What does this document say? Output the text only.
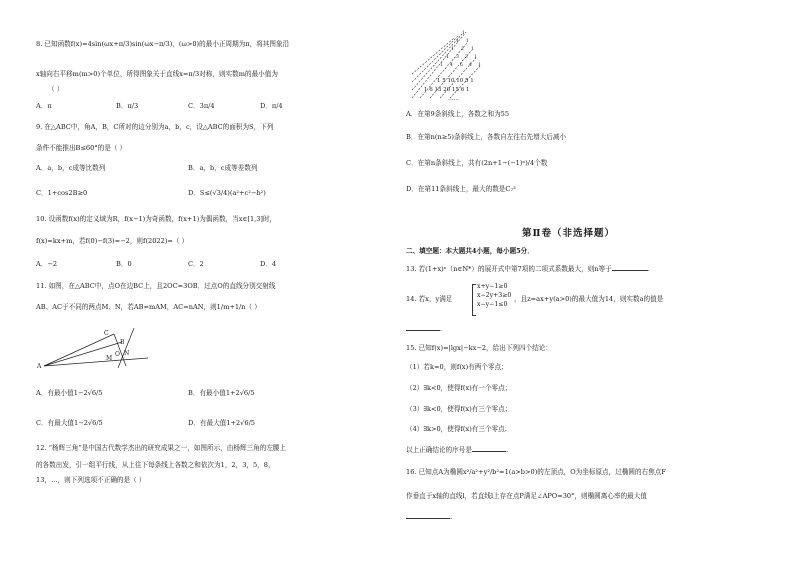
8. 已知函数f(x)=4sin(ωx+π/3)sin(ωx−π/3)，(ω>0)的最小正周期为π，将其图象沿
x轴向右平移m(m>0)个单位，所得图象关于直线x=π/3对称，则实数m的最小值为
（ ）
A．π	B．π/3	C．3π/4	D．π/4
9. 在△ABC中，角A，B，C所对的边分别为a，b，c，设△ABC的面积为S，下列
条件不能推出B≤60°的是（ ）
A．a，b，c成等比数列	B．a，b，c成等差数列
C．1+cos2B≥0	D．S≤(√3/4)(a²+c²−b²)
10. 设函数f(x)的定义域为R，f(x−1)为奇函数，f(x+1)为偶函数，当x∈[1,3]时，
f(x)=kx+m，若f(0)−f(3)=−2，则f(2022)=（ ）
A．−2	B．0	C．2	D．4
11. 如图，在△ABC中，点O在边BC上，且2OC=3OB．过点O的直线分别交射线
AB、AC于不同的两点M、N，若AB=mAM，AC=nAN，则1/m+1/n（ ）
C
B
N
M
O
A
A．有最小值1−2√6/5	B．有最小值1+2√6/5
C．有最大值1−2√6/5	D．有最大值1+2√6/5
12. “杨辉三角”是中国古代数学杰出的研究成果之一，如图所示，由杨辉三角的左腰上
的各数出发，引一组平行线，从上往下每条线上各数之和依次为1，2，3，5，8，
13，…，则下列选项不正确的是（ ）
1
1 1
1 2 1
1 3 3 1
1 4 6 4 1
1 5 10 10 5 1
1 6 15 20 15 6 1
……
A．在第9条斜线上，各数之和为55
B．在第n(n≥5)条斜线上，各数自左往右先增大后减小
C．在第n条斜线上，共有(2n+1−(−1)ⁿ)/4个数
D．在第11条斜线上，最大的数是C₇³
第Ⅱ卷（非选择题）
二、填空题：本大题共4小题，每小题5分．
13. 若(1+x)ⁿ（n∈N*）的展开式中第7项的二项式系数最大，则n等于	.
14. 若x，y满足
x+y−1≥0
x−2y+3≥0
x−y−1≤0
，且z=ax+y(a>0)的最大值为14，则实数a的值是
.
15. 已知f(x)=|lgx|−kx−2，给出下列四个结论：
（1）若k=0，则f(x)有两个零点；
（2）∃k<0，使得f(x)有一个零点；
（3）∃k<0，使得f(x)有三个零点；
（4）∃k>0，使得f(x)有三个零点.
以上正确结论的序号是	.
16. 已知点A为椭圆x²/a²+y²/b²=1(a>b>0)的左顶点，O为坐标原点，过椭圆的右焦点F
作垂直于x轴的直线l，若直线l上存在点P满足∠APO=30°，则椭圆离心率的最大值
.
